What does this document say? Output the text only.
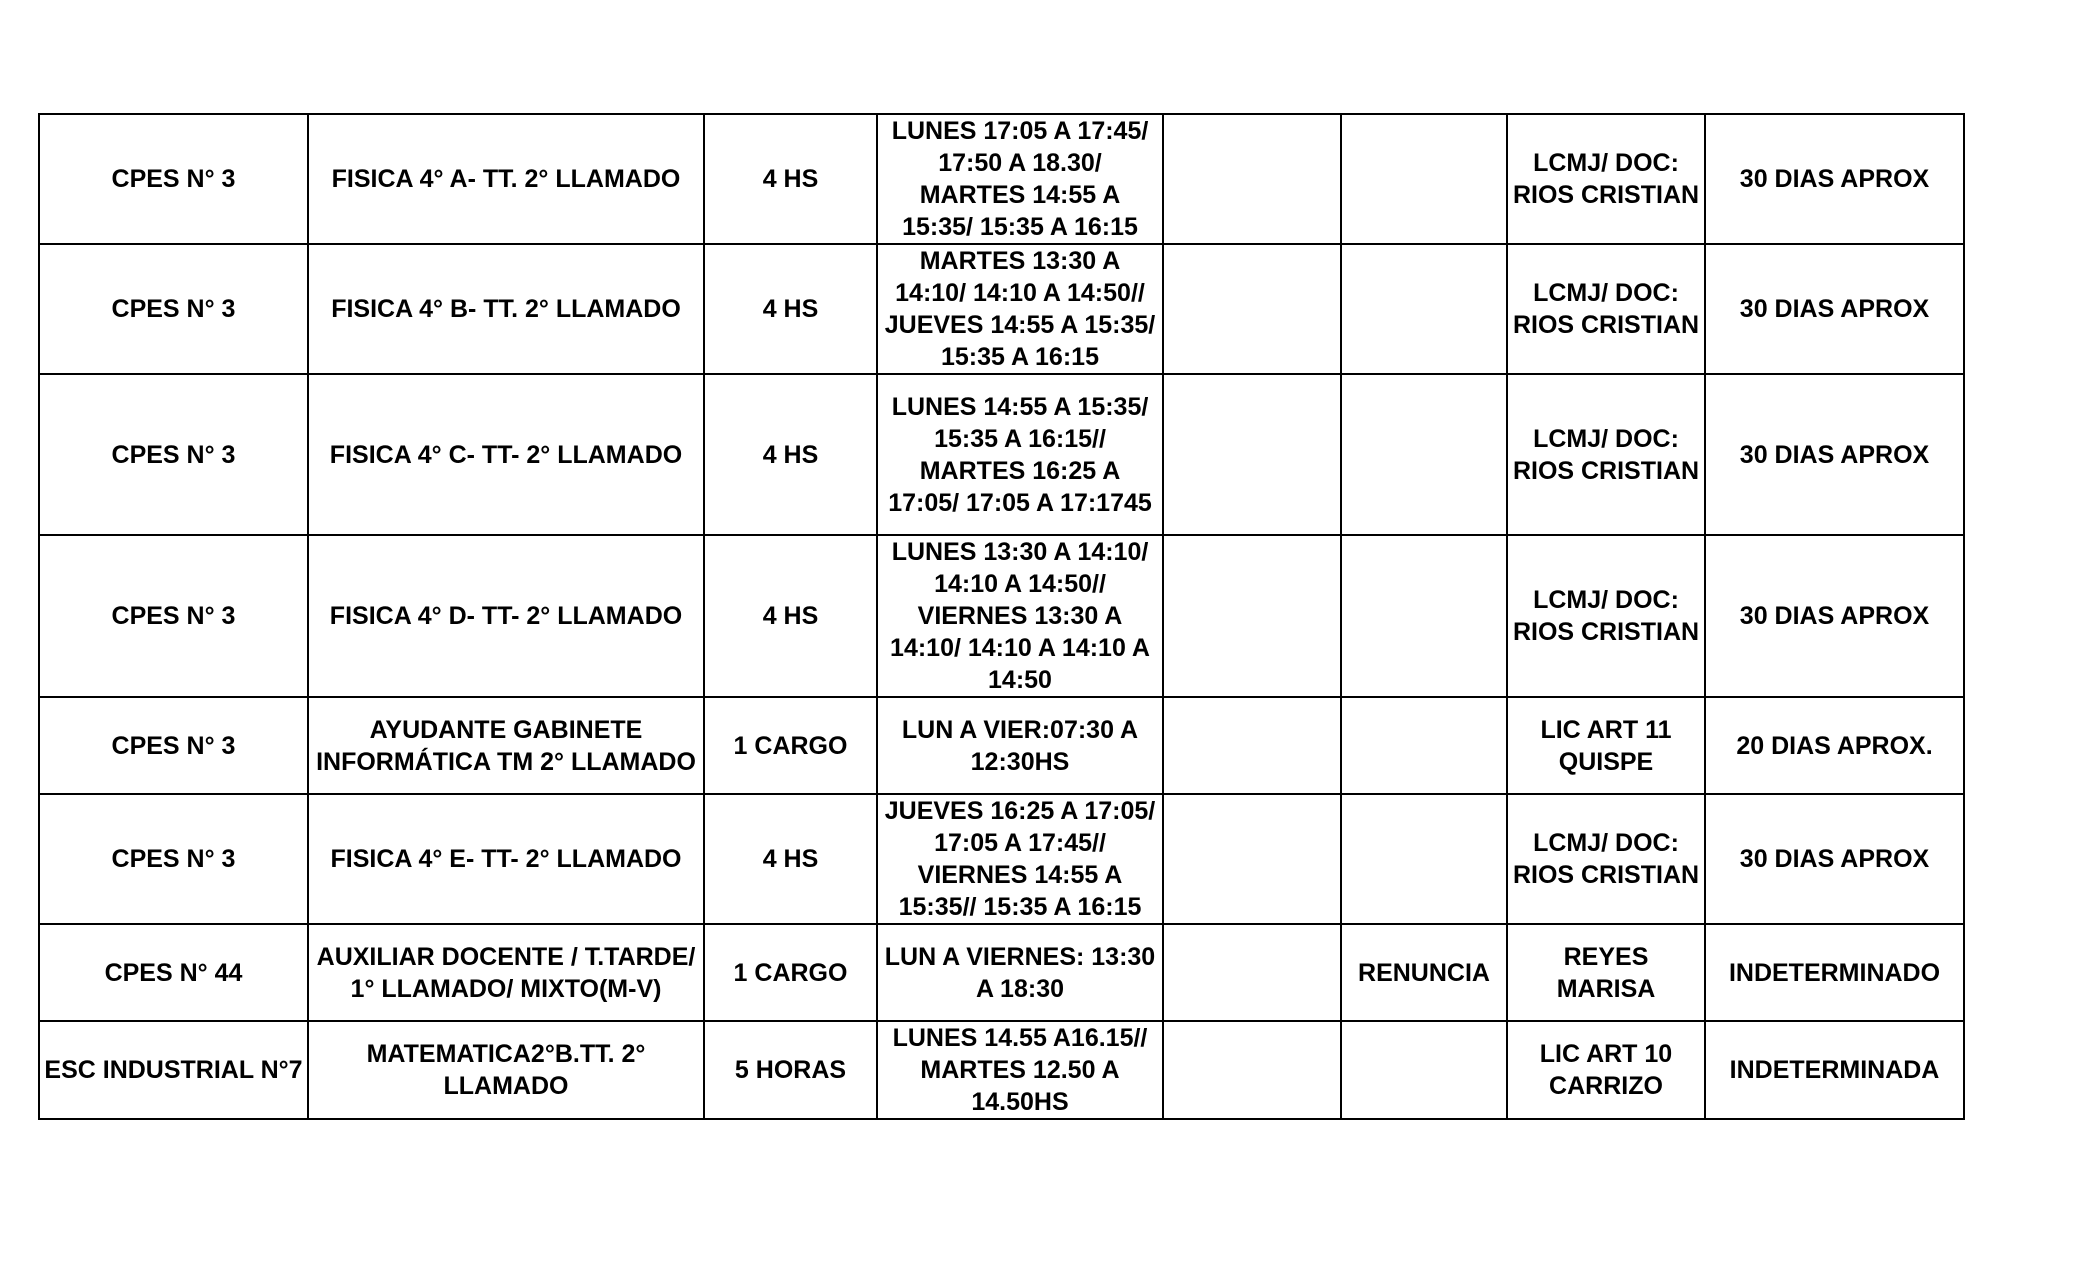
CPES N° 3	FISICA 4° A- TT. 2° LLAMADO	4 HS	LUNES 17:05 A 17:45/ 17:50 A 18.30/ MARTES 14:55 A 15:35/ 15:35 A 16:15			LCMJ/ DOC: RIOS CRISTIAN	30 DIAS APROX
CPES N° 3	FISICA 4° B- TT. 2° LLAMADO	4 HS	MARTES 13:30 A 14:10/ 14:10 A 14:50// JUEVES 14:55 A 15:35/ 15:35 A 16:15			LCMJ/ DOC: RIOS CRISTIAN	30 DIAS APROX
CPES N° 3	FISICA 4° C- TT- 2° LLAMADO	4 HS	LUNES 14:55 A 15:35/ 15:35 A 16:15// MARTES 16:25 A 17:05/ 17:05 A 17:1745			LCMJ/ DOC: RIOS CRISTIAN	30 DIAS APROX
CPES N° 3	FISICA 4° D- TT- 2° LLAMADO	4 HS	LUNES 13:30 A 14:10/ 14:10 A 14:50// VIERNES 13:30 A 14:10/ 14:10 A 14:10 A 14:50			LCMJ/ DOC: RIOS CRISTIAN	30 DIAS APROX
CPES N° 3	AYUDANTE GABINETE INFORMÁTICA TM 2° LLAMADO	1 CARGO	LUN A VIER:07:30 A 12:30HS			LIC ART 11 QUISPE	20 DIAS APROX.
CPES N° 3	FISICA 4° E- TT- 2° LLAMADO	4 HS	JUEVES 16:25 A 17:05/ 17:05 A 17:45// VIERNES 14:55 A 15:35// 15:35 A 16:15			LCMJ/ DOC: RIOS CRISTIAN	30 DIAS APROX
CPES N° 44	AUXILIAR DOCENTE / T.TARDE/ 1° LLAMADO/ MIXTO(M-V)	1 CARGO	LUN A VIERNES: 13:30 A 18:30		RENUNCIA	REYES MARISA	INDETERMINADO
ESC INDUSTRIAL N°7	MATEMATICA2°B.TT. 2° LLAMADO	5 HORAS	LUNES 14.55 A16.15// MARTES 12.50 A 14.50HS			LIC ART 10 CARRIZO	INDETERMINADA
